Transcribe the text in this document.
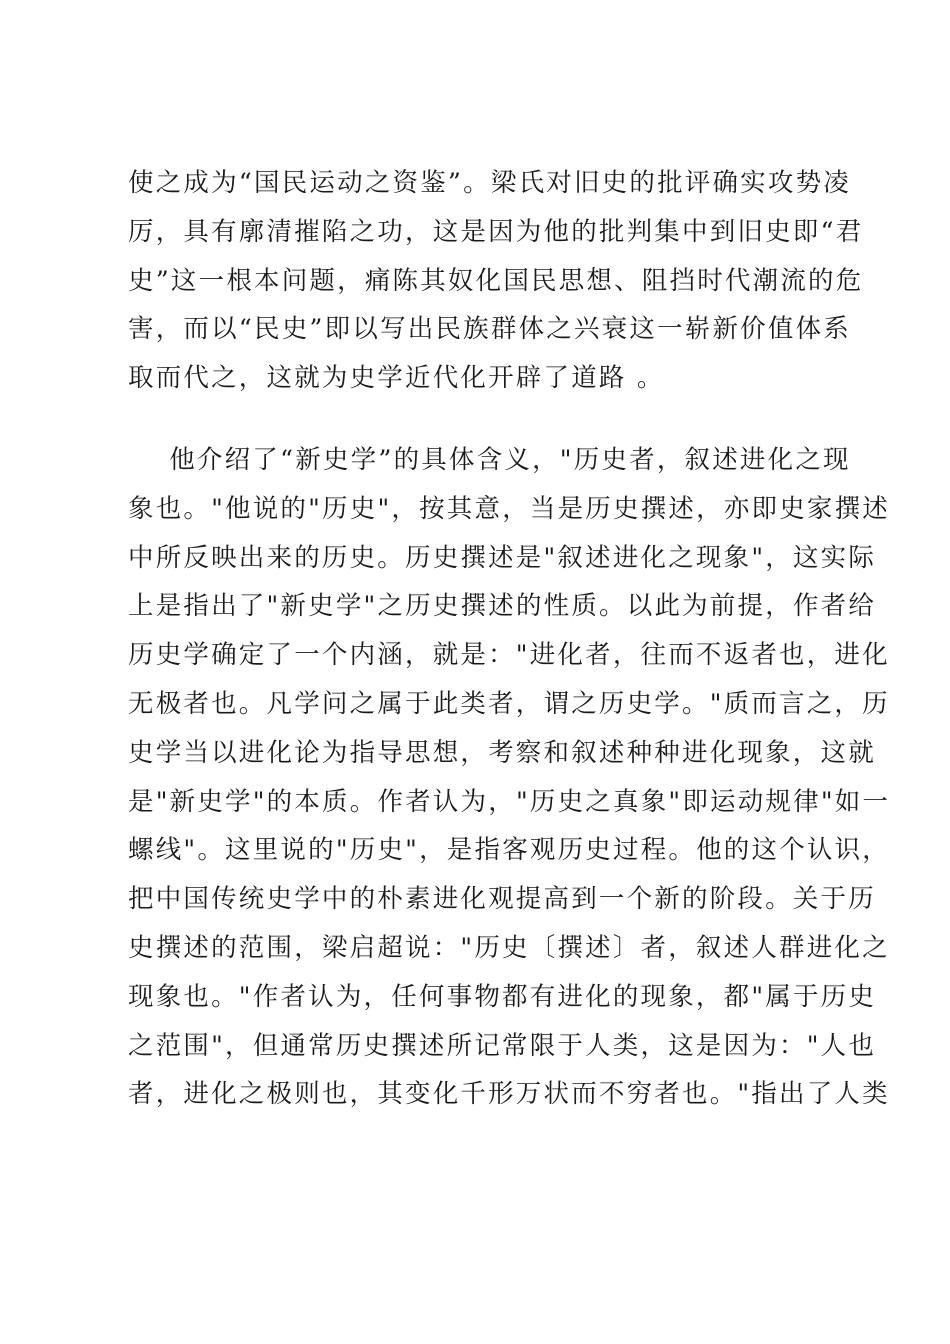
使之成为“国民运动之资鉴”。梁氏对旧史的批评确实攻势凌
厉，具有廓清摧陷之功，这是因为他的批判集中到旧史即“君
史”这一根本问题，痛陈其奴化国民思想、阻挡时代潮流的危
害，而以“民史”即以写出民族群体之兴衰这一崭新价值体系
取而代之，这就为史学近代化开辟了道路 。
他介绍了“新史学”的具体含义，"历史者，叙述进化之现
象也。"他说的"历史"，按其意，当是历史撰述，亦即史家撰述
中所反映出来的历史。历史撰述是"叙述进化之现象"，这实际
上是指出了"新史学"之历史撰述的性质。以此为前提，作者给
历史学确定了一个内涵，就是："进化者，往而不返者也，进化
无极者也。凡学问之属于此类者，谓之历史学。"质而言之，历
史学当以进化论为指导思想，考察和叙述种种进化现象，这就
是"新史学"的本质。作者认为，"历史之真象"即运动规律"如一
螺线"。这里说的"历史"，是指客观历史过程。他的这个认识，
把中国传统史学中的朴素进化观提高到一个新的阶段。关于历
史撰述的范围，梁启超说："历史〔撰述〕者，叙述人群进化之
现象也。"作者认为，任何事物都有进化的现象，都"属于历史
之范围"，但通常历史撰述所记常限于人类，这是因为："人也
者，进化之极则也，其变化千形万状而不穷者也。"指出了人类
